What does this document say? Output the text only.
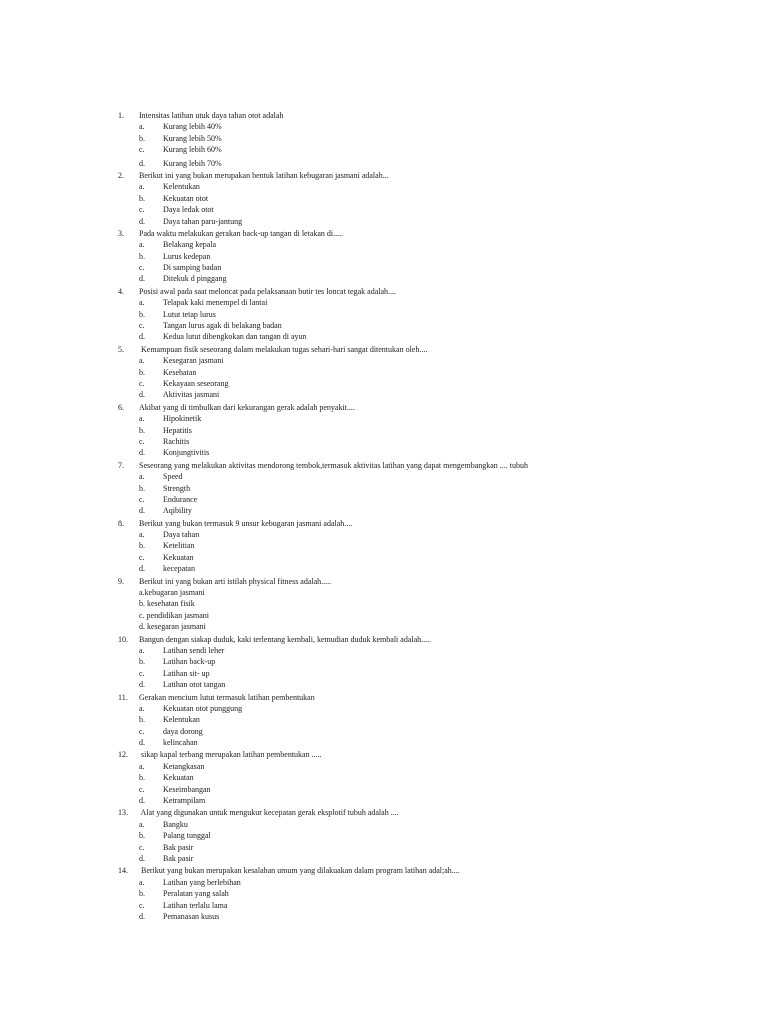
1. Intensitas latihan utuk daya tahan otot adalah
a. Kurang lebih 40%
b. Kurang lebih 50%
c. Kurang lebih 60%
d. Kurang lebih 70%
2. Berikut ini yang bukan merupakan bentuk latihan kebugaran jasmani adalah...
a. Kelentukan
b. Kekuatan otot
c. Daya ledak otot
d. Daya tahan paru-jantung
3. Pada waktu melakukan gerakan back-up tangan di letakan di.....
a. Belakang kepala
b. Lurus kedepan
c. Di samping badan
d. Ditekuk d pinggang
4. Posisi awal pada saat meloncat pada pelaksanaan butir tes loncat tegak adalah....
a. Telapak kaki menempel di lantai
b. Lutut tetap lurus
c. Tangan lurus agak di belakang badan
d. Kedua lutut dibengkokan dan tangan di ayun
5. Kemampuan fisik seseorang dalam melakukan tugas sehari-hari sangat ditentukan oleh....
a. Kesegaran jasmani
b. Kesehatan
c. Kekayaan seseorang
d. Aktivitas jasmani
6. Akibat yang di timbulkan dari kekurangan gerak adalah penyakit....
a. Hipokinetik
b. Hepatitis
c. Rachitis
d. Konjungtivitis
7. Seseorang yang melakukan aktivitas mendorong tembok,termasuk aktivitas latihan yang dapat mengembangkan .... tubuh
a. Speed
b. Strength
c. Endurance
d. Aqibility
8. Berikut yang bukan termasuk 9 unsur kebugaran jasmani adalah....
a. Daya tahan
b. Ketelitian
c. Kekuatan
d. kecepatan
9. Berikut ini yang bukan arti istilah physical fitness adalah.....
a.kebugaran jasmani
b. kesehatan fisik
c. pendidikan jasmani
d. kesegaran jasmani
10. Bangun dengan siakap duduk, kaki terlentang kembali, kemudian duduk kembali adalah.....
a. Latihan sendi leher
b. Latihan back-up
c. Latihan sit- up
d. Latihan otot tangan
11. Gerakan mencium lutut termasuk latihan pembentukan
a. Kekuatan otot punggung
b. Kelentukan
c. daya dorong
d. kelincahan
12. sikap kapal terbang merupakan latihan pembentukan .....
a. Ketangkasan
b. Kekuatan
c. Keseimbangan
d. Ketrampilam
13. Alat yang digunakan untuk mengukur kecepatan gerak eksplotif tubuh adalah ....
a. Bangku
b. Palang tunggal
c. Bak pasir
d. Bak pasir
14. Berikut yang bukan merupakan kesalahan umum yang dilakuakan dalam program latihan adal;ah....
a. Latihan yang berlebihan
b. Peralatan yang salah
c. Latihan terlalu lama
d. Pemanasan kusus
